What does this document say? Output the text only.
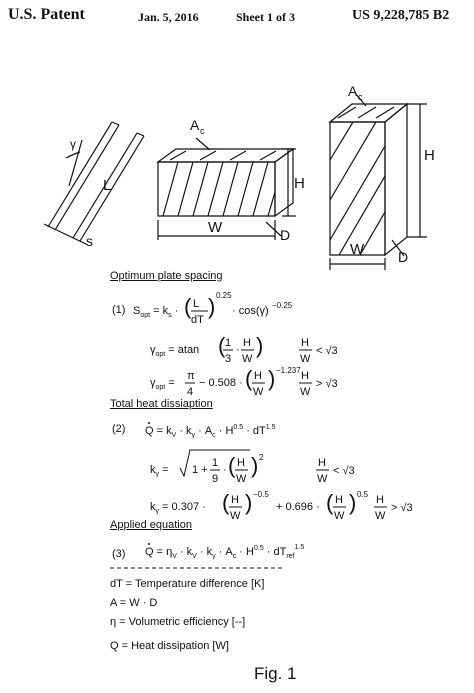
U.S. Patent	Jan. 5, 2016	Sheet 1 of 3	US 9,228,785 B2
γ
L
s
A c
H
W	D
A c
H
W D
Optimum plate spacing
Total heat dissiaption
Applied equation
(1)
(2)
(3)
$S_{opt} = k_s$ · ( L
dT
) 0.25
· cos(γ) −0.25
$\gamma_{opt} = atan$ ( 1
3
·
H
W
)	H
W
< √3
$\gamma_{opt}$ =
π
4
− 0.508 · ( H
W
) −1.237 H
W
> √3
$Q = k_V \cdot k_\gamma \cdot A_c \cdot H^{0.5} \cdot dT^{1.5}$
$k_\gamma = 1$ +
1
9
· ( H
W
) 2	H
W
< √3
$k_\gamma = 0.307$ · ( H
W
) −0.5
+ 0.696 · ( H
W
) 0.5 H
W
> √3
$Q = \eta_V \cdot k_V \cdot k_\gamma \cdot A_c \cdot H^{0.5} \cdot dT_{ref}^{1.5}$
dT = Temperature difference [K]
A = W · D
η = Volumetric efficiency [--]
Q = Heat dissipation [W]
Fig. 1
